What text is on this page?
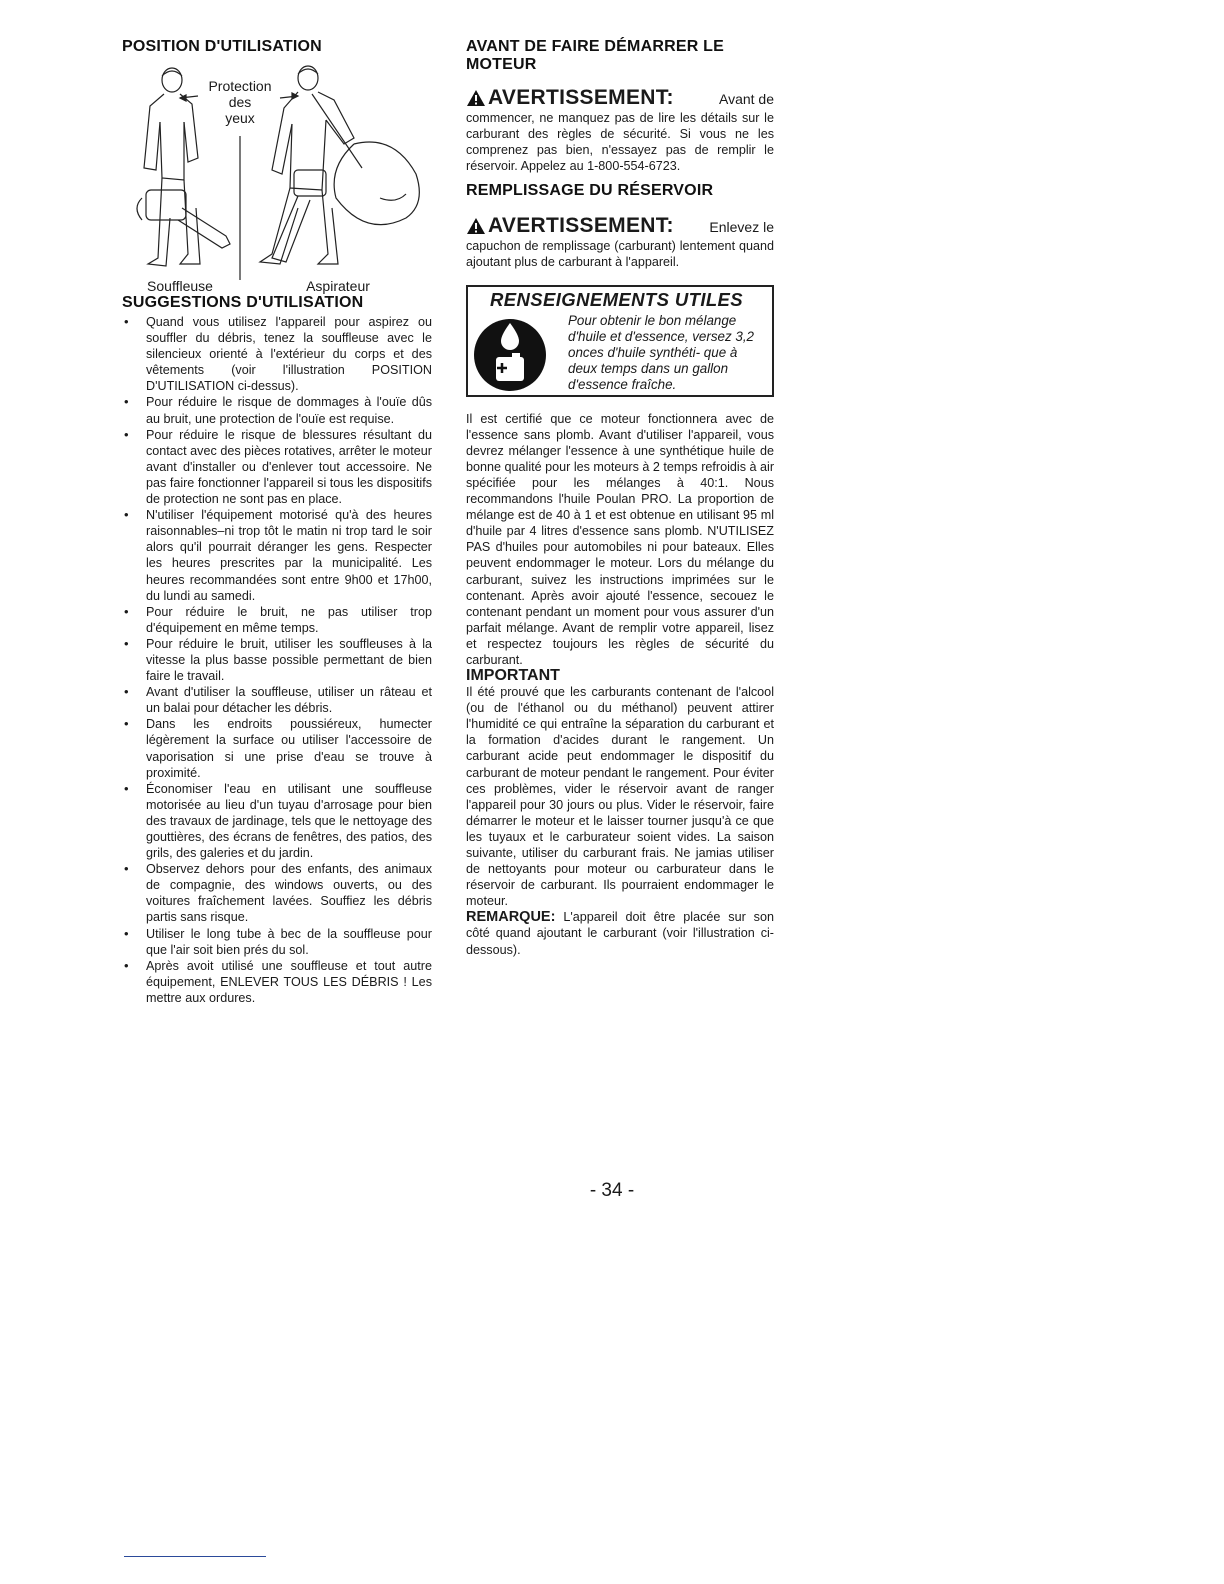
POSITION D'UTILISATION
Protection
des
yeux
Souffleuse	Aspirateur
SUGGESTIONS D'UTILISATION
• Quand vous utilisez l'appareil pour aspirez ou souffler du débris, tenez la souffleuse avec le silencieux orienté à l'extérieur du corps et des vêtements (voir l'illustration POSITION D'UTILISATION ci-dessus).
• Pour réduire le risque de dommages à l'ouïe dûs au bruit, une protection de l'ouïe est requise.
• Pour réduire le risque de blessures résultant du contact avec des pièces rotatives, arrêter le moteur avant d'installer ou d'enlever tout accessoire. Ne pas faire fonctionner l'appareil si tous les dispositifs de protection ne sont pas en place.
• N'utiliser l'équipement motorisé qu'à des heures raisonnables–ni trop tôt le matin ni trop tard le soir alors qu'il pourrait déranger les gens. Respecter les heures prescrites par la municipalité. Les heures recommandées sont entre 9h00 et 17h00, du lundi au samedi.
• Pour réduire le bruit, ne pas utiliser trop d'équipement en même temps.
• Pour réduire le bruit, utiliser les souffleuses à la vitesse la plus basse possible permettant de bien faire le travail.
• Avant d'utiliser la souffleuse, utiliser un râteau et un balai pour détacher les débris.
• Dans les endroits poussiéreux, humecter légèrement la surface ou utiliser l'accessoire de vaporisation si une prise d'eau se trouve à proximité.
• Économiser l'eau en utilisant une souffleuse motorisée au lieu d'un tuyau d'arrosage pour bien des travaux de jardinage, tels que le nettoyage des gouttières, des écrans de fenêtres, des patios, des grils, des galeries et du jardin.
• Observez dehors pour des enfants, des animaux de compagnie, des windows ouverts, ou des voitures fraîchement lavées. Souffiez les débris partis sans risque.
• Utiliser le long tube à bec de la souffleuse pour que l'air soit bien prés du sol.
• Après avoit utilisé une souffleuse et tout autre équipement, ENLEVER TOUS LES DÉBRIS ! Les mettre aux ordures.
AVANT DE FAIRE DÉMARRER LE MOTEUR
AVERTISSEMENT:	Avant de

commencer, ne manquez pas de lire les détails sur le carburant des règles de sécurité. Si vous ne les comprenez pas bien, n'essayez pas de remplir le réservoir. Appelez au 1-800-554-6723.

REMPLISSAGE DU RÉSERVOIR
AVERTISSEMENT:	Enlevez le

capuchon de remplissage (carburant) lentement quand ajoutant plus de carburant à l'appareil.

RENSEIGNEMENTS UTILES
Pour obtenir le bon mélange d'huile et d'essence, versez 3,2 onces d'huile synthéti- que à deux temps dans un gallon d'essence fraîche.

Il est certifié que ce moteur fonctionnera avec de l'essence sans plomb. Avant d'utiliser l'appareil, vous devrez mélanger l'essence à une synthétique huile de bonne qualité pour les moteurs à 2 temps refroidis à air spécifiée pour les mélanges à 40:1. Nous recommandons l'huile Poulan PRO. La proportion de mélange est de 40 à 1 et est obtenue en utilisant 95 ml d'huile par 4 litres d'essence sans plomb. N'UTILISEZ PAS d'huiles pour automobiles ni pour bateaux. Elles peuvent endommager le moteur. Lors du mélange du carburant, suivez les instructions imprimées sur le contenant. Après avoir ajouté l'essence, secouez le contenant pendant un moment pour vous assurer d'un parfait mélange. Avant de remplir votre appareil, lisez et respectez toujours les règles de sécurité du carburant.

IMPORTANT

Il été prouvé que les carburants contenant de l'alcool (ou de l'éthanol ou du méthanol) peuvent attirer l'humidité ce qui entraîne la séparation du carburant et la formation d'acides durant le rangement. Un carburant acide peut endommager le dispositif du carburant de moteur pendant le rangement. Pour éviter ces problèmes, vider le réservoir avant de ranger l'appareil pour 30 jours ou plus. Vider le réservoir, faire démarrer le moteur et le laisser tourner jusqu'à ce que les tuyaux et le carburateur soient vides. La saison suivante, utiliser du carburant frais. Ne jamias utiliser de nettoyants pour moteur ou carburateur dans le réservoir de carburant. Ils pourraient endommager le moteur.

REMARQUE: L'appareil doit être placée sur son côté quand ajoutant le carburant (voir l'illustration ci-dessous).

- 34 -
